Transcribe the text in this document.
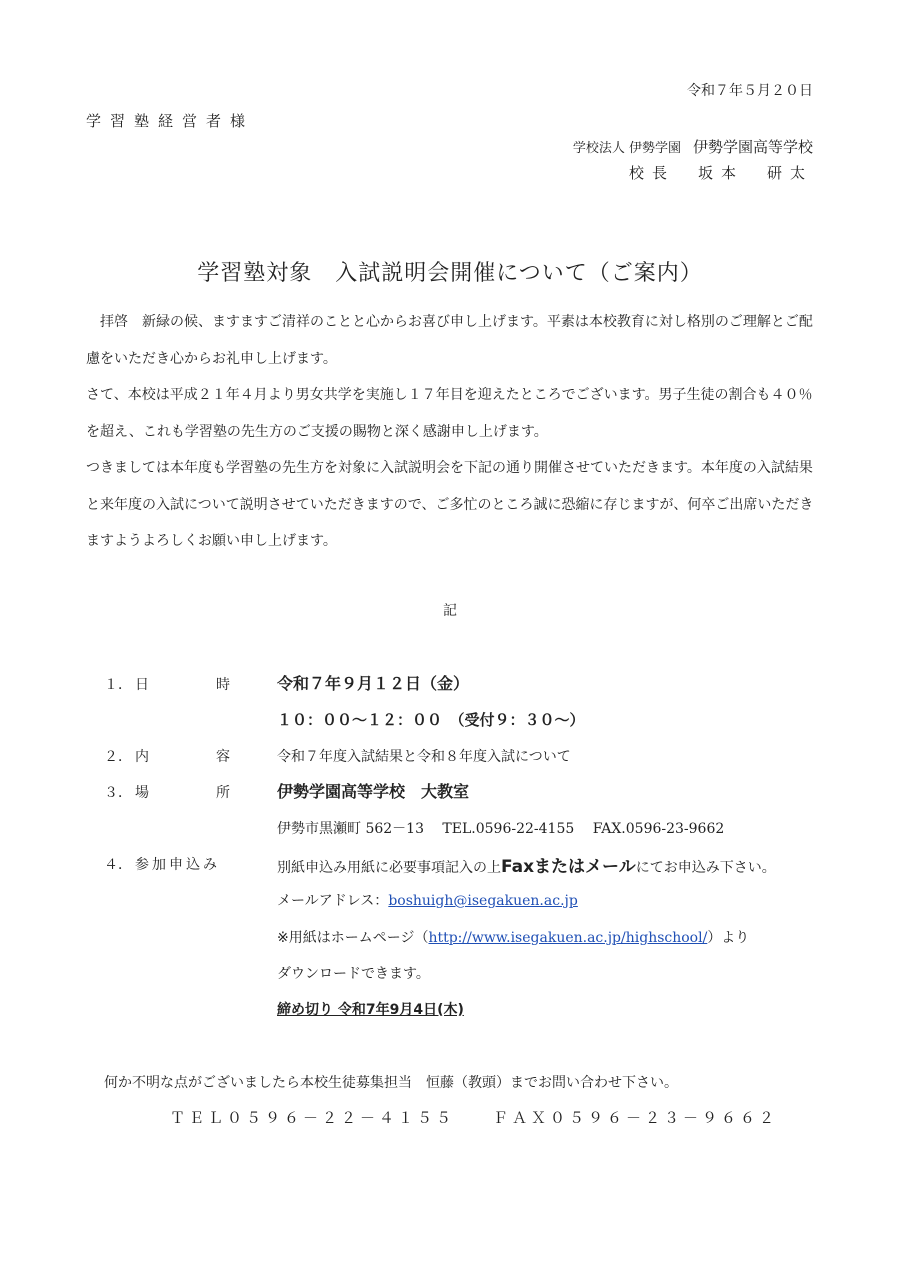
令和７年５月２０日
学習塾経営者様
学校法人 伊勢学園 伊勢学園高等学校
校長　坂本　研太
学習塾対象　入試説明会開催について（ご案内）

　拝啓　新緑の候、ますますご清祥のことと心からお喜び申し上げます。平素は本校教育に対し格別のご理解とご配慮をいただき心からお礼申し上げます。

さて、本校は平成２１年４月より男女共学を実施し１７年目を迎えたところでございます。男子生徒の割合も４０％を超え、これも学習塾の先生方のご支援の賜物と深く感謝申し上げます。

つきましては本年度も学習塾の先生方を対象に入試説明会を下記の通り開催させていただきます。本年度の入試結果と来年度の入試について説明させていただきますので、ご多忙のところ誠に恐縮に存じますが、何卒ご出席いただきますようよろしくお願い申し上げます。

記
１． 日	時	令和７年９月１２日（金）
１０：００～１２：００　（受付９：３０～）
２． 内	容	令和７年度入試結果と令和８年度入試について
３． 場	所	伊勢学園高等学校　大教室
伊勢市黒瀬町 562－13　 TEL.0596-22-4155　 FAX.0596-23-9662
４． 参加申込み	別紙申込み用紙に必要事項記入の上Faxまたはメールにてお申込み下さい。
メールアドレス：boshuigh@isegakuen.ac.jp
※用紙はホームページ（http://www.isegakuen.ac.jp/highschool/）より
ダウンロードできます。
締め切り 令和7年9月4日(木)
何か不明な点がございましたら本校生徒募集担当　恒藤（教頭）までお問い合わせ下さい。
ＴＥＬ０５９６－２２－４１５５　　ＦＡＸ０５９６－２３－９６６２
